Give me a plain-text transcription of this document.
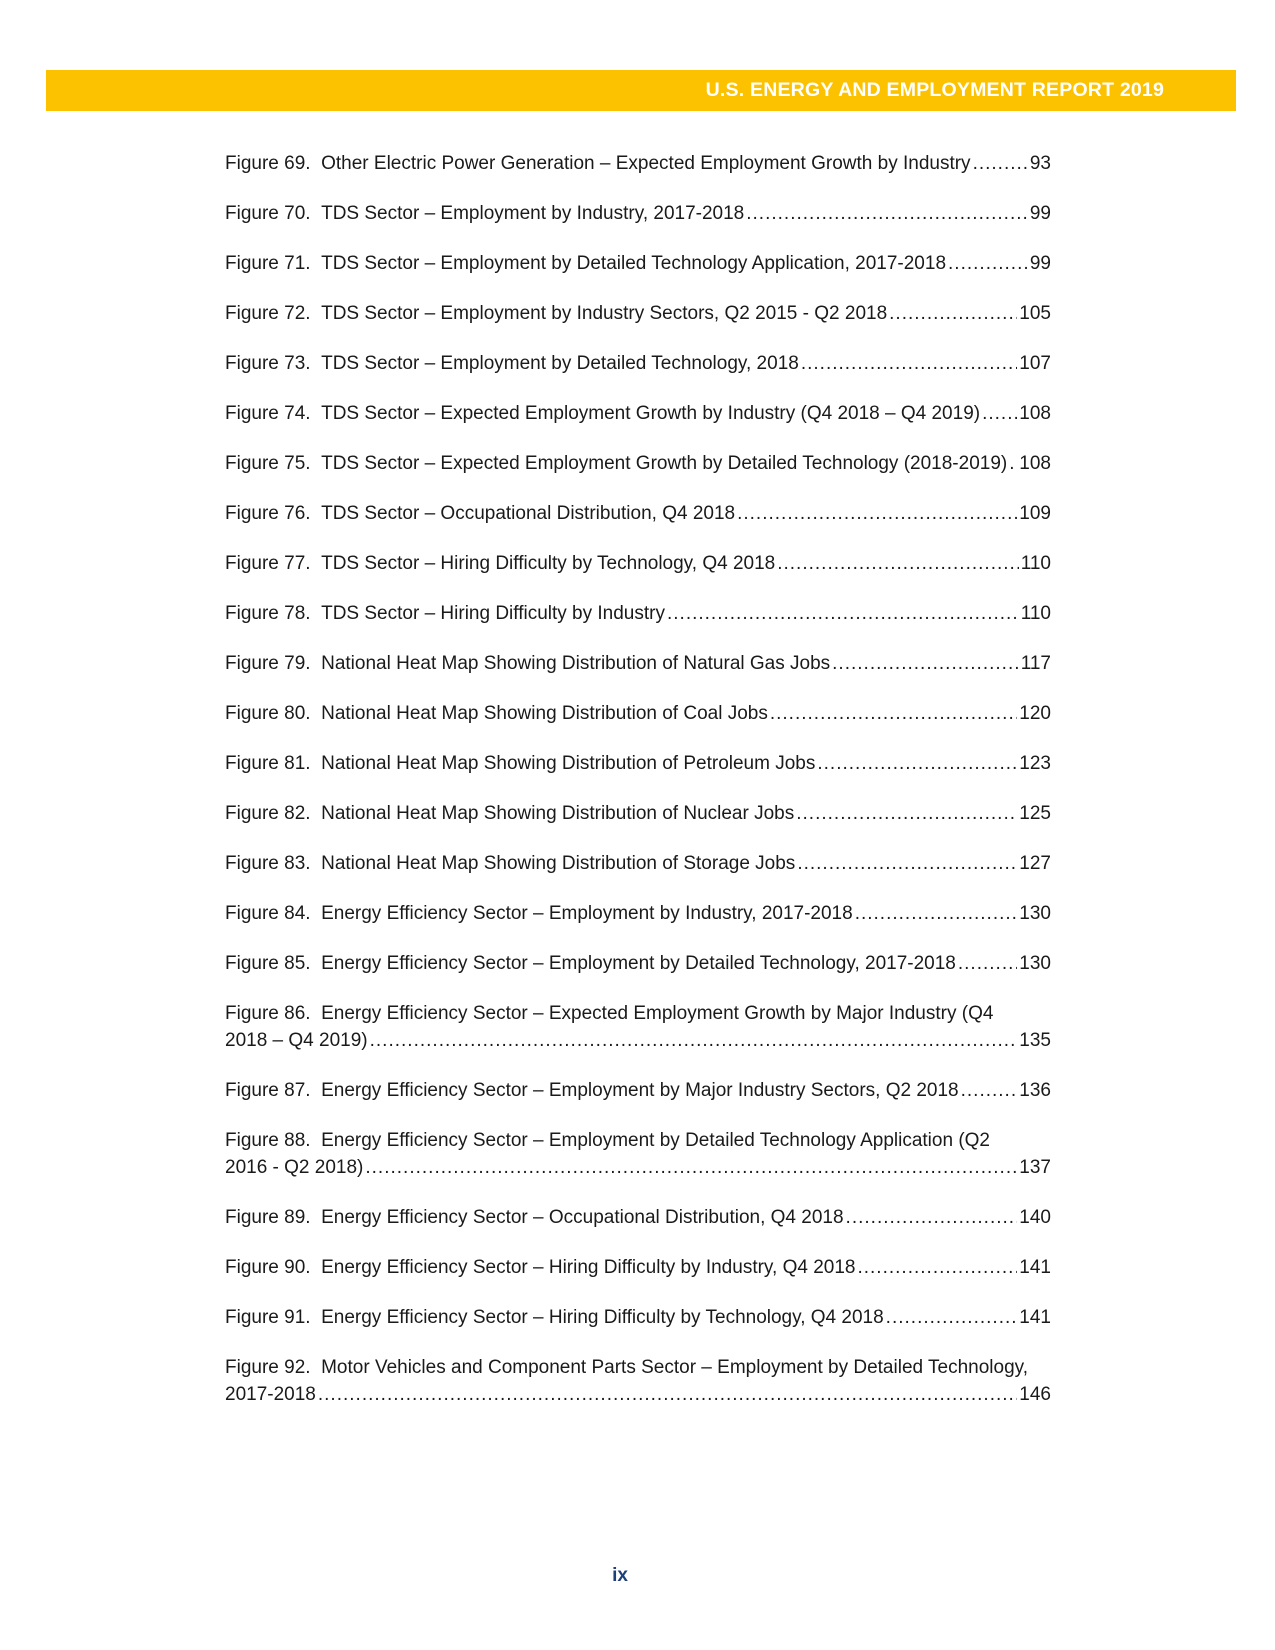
U.S. ENERGY AND EMPLOYMENT REPORT 2019
Figure 69. Other Electric Power Generation – Expected Employment Growth by Industry .....	93
Figure 70. TDS Sector – Employment by Industry, 2017-2018 .....	99
Figure 71. TDS Sector – Employment by Detailed Technology Application, 2017-2018 .....	99
Figure 72. TDS Sector – Employment by Industry Sectors, Q2 2015 - Q2 2018 .....	105
Figure 73. TDS Sector – Employment by Detailed Technology, 2018 .....	107
Figure 74. TDS Sector – Expected Employment Growth by Industry (Q4 2018 – Q4 2019) ..... 108
Figure 75. TDS Sector – Expected Employment Growth by Detailed Technology (2018-2019) ..... 108
Figure 76. TDS Sector – Occupational Distribution, Q4 2018 .....	109
Figure 77. TDS Sector – Hiring Difficulty by Technology, Q4 2018 .....	110
Figure 78. TDS Sector – Hiring Difficulty by Industry .....	110
Figure 79. National Heat Map Showing Distribution of Natural Gas Jobs .....	117
Figure 80. National Heat Map Showing Distribution of Coal Jobs .....	120
Figure 81. National Heat Map Showing Distribution of Petroleum Jobs .....	123
Figure 82. National Heat Map Showing Distribution of Nuclear Jobs .....	125
Figure 83. National Heat Map Showing Distribution of Storage Jobs .....	127
Figure 84. Energy Efficiency Sector – Employment by Industry, 2017-2018 .....	130
Figure 85. Energy Efficiency Sector – Employment by Detailed Technology, 2017-2018 .....	130
Figure 86. Energy Efficiency Sector – Expected Employment Growth by Major Industry (Q4
2018 – Q4 2019) .....	135
Figure 87. Energy Efficiency Sector – Employment by Major Industry Sectors, Q2 2018 .....	136
Figure 88. Energy Efficiency Sector – Employment by Detailed Technology Application (Q2
2016 - Q2 2018) .....	137
Figure 89. Energy Efficiency Sector – Occupational Distribution, Q4 2018 .....	140
Figure 90. Energy Efficiency Sector – Hiring Difficulty by Industry, Q4 2018 .....	141
Figure 91. Energy Efficiency Sector – Hiring Difficulty by Technology, Q4 2018 .....	141
Figure 92. Motor Vehicles and Component Parts Sector – Employment by Detailed Technology,
2017-2018 .....	146
ix
